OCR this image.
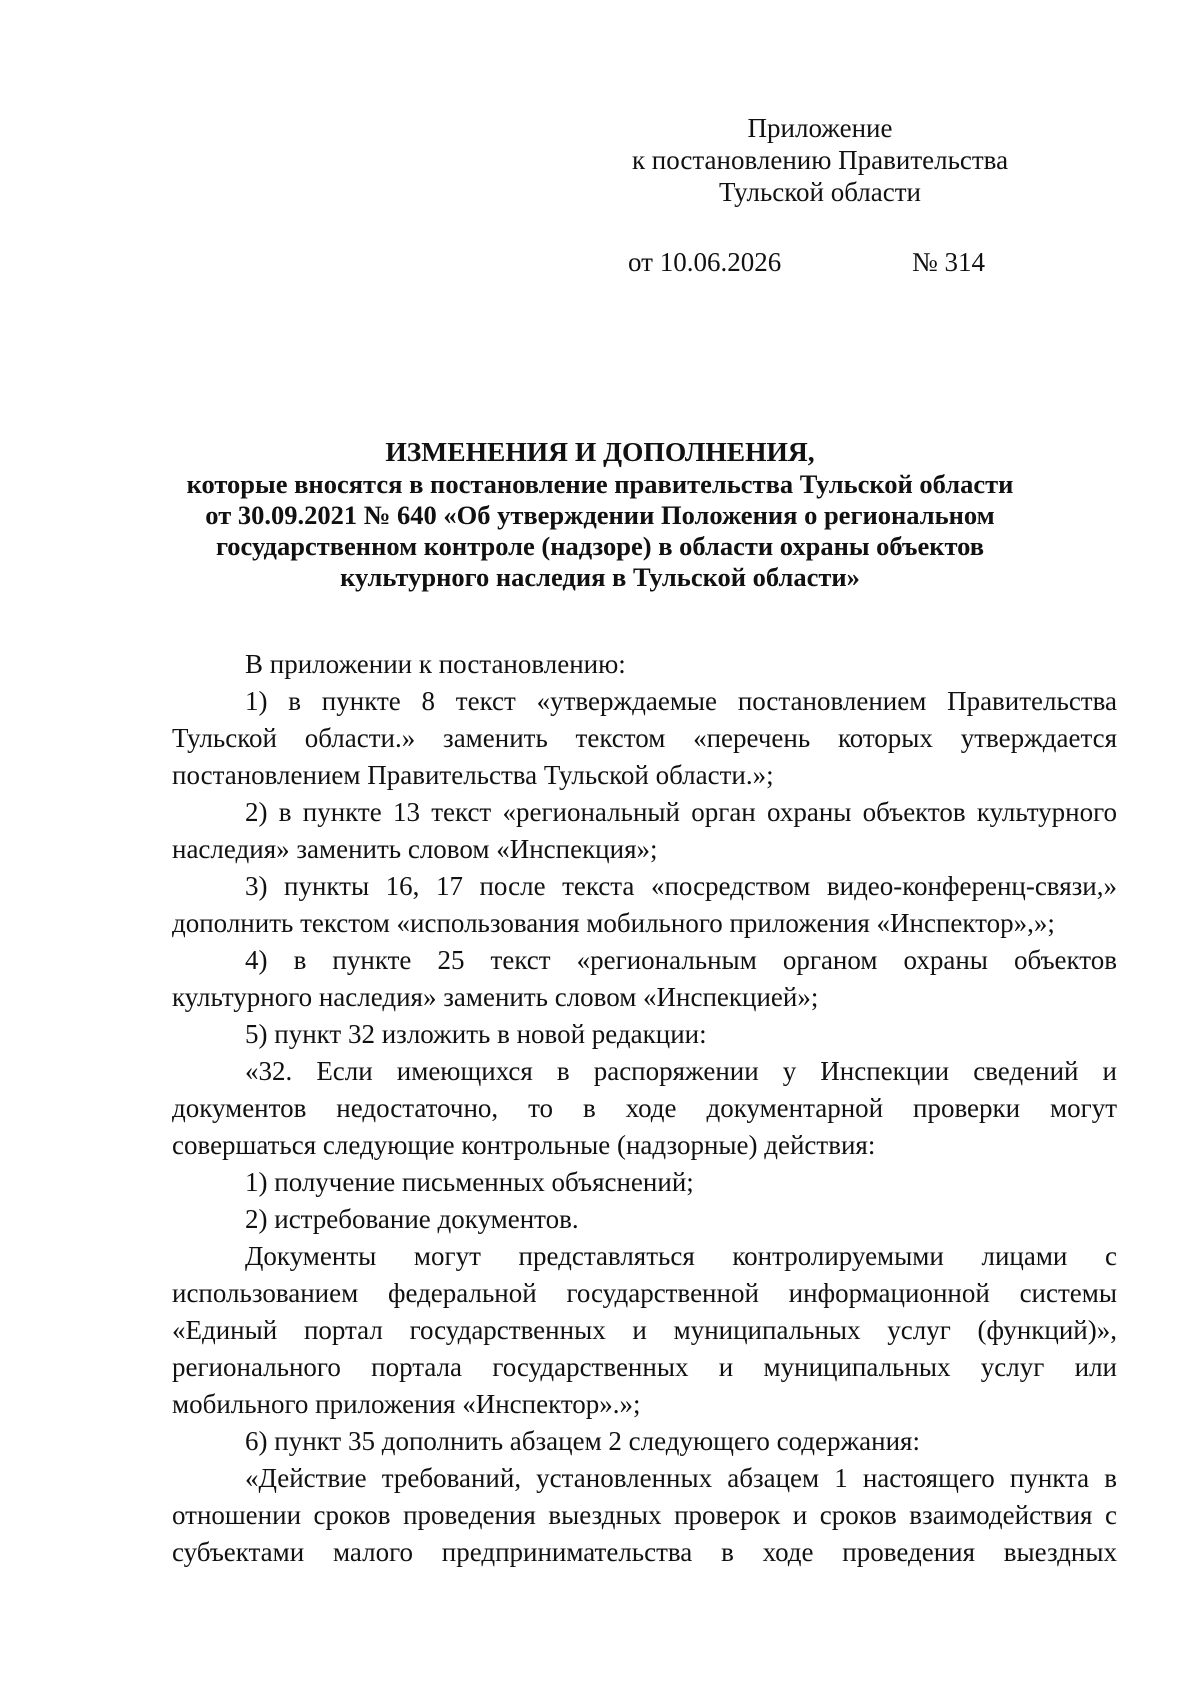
Приложение
к постановлению Правительства
Тульской области
от 10.06.2026	№ 314
ИЗМЕНЕНИЯ И ДОПОЛНЕНИЯ,
которые вносятся в постановление правительства Тульской области
от 30.09.2021 № 640 «Об утверждении Положения о региональном
государственном контроле (надзоре) в области охраны объектов
культурного наследия в Тульской области»
В приложении к постановлению:
1) в пункте 8 текст «утверждаемые постановлением Правительства
Тульской области.» заменить текстом «перечень которых утверждается
постановлением Правительства Тульской области.»;
2) в пункте 13 текст «региональный орган охраны объектов культурного
наследия» заменить словом «Инспекция»;
3) пункты 16, 17 после текста «посредством видео-конференц-связи,»
дополнить текстом «использования мобильного приложения «Инспектор»,»;
4) в пункте 25 текст «региональным органом охраны объектов
культурного наследия» заменить словом «Инспекцией»;
5) пункт 32 изложить в новой редакции:
«32. Если имеющихся в распоряжении у Инспекции сведений и
документов недостаточно, то в ходе документарной проверки могут
совершаться следующие контрольные (надзорные) действия:
1) получение письменных объяснений;
2) истребование документов.
Документы могут представляться контролируемыми лицами с
использованием федеральной государственной информационной системы
«Единый портал государственных и муниципальных услуг (функций)»,
регионального портала государственных и муниципальных услуг или
мобильного приложения «Инспектор».»;
6) пункт 35 дополнить абзацем 2 следующего содержания:
«Действие требований, установленных абзацем 1 настоящего пункта в
отношении сроков проведения выездных проверок и сроков взаимодействия с
субъектами малого предпринимательства в ходе проведения выездных
